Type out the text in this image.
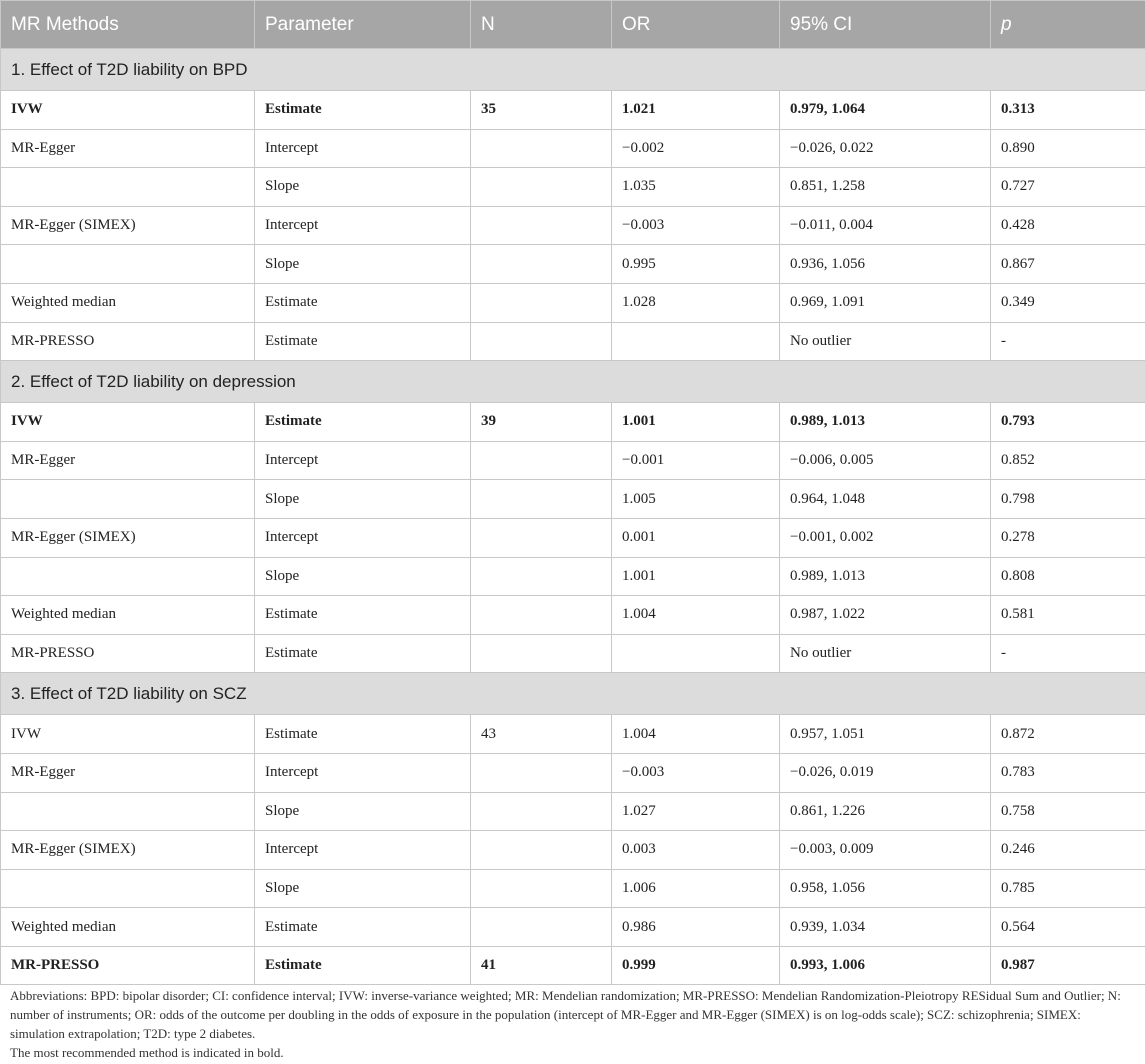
MR Methods	Parameter	N	OR	95% CI	p
1. Effect of T2D liability on BPD					
IVW	Estimate	35	1.021	0.979, 1.064	0.313
MR-Egger	Intercept		−0.002	−0.026, 0.022	0.890
	Slope		1.035	0.851, 1.258	0.727
MR-Egger (SIMEX)	Intercept		−0.003	−0.011, 0.004	0.428
	Slope		0.995	0.936, 1.056	0.867
Weighted median	Estimate		1.028	0.969, 1.091	0.349
MR-PRESSO	Estimate			No outlier	-
2. Effect of T2D liability on depression					
IVW	Estimate	39	1.001	0.989, 1.013	0.793
MR-Egger	Intercept		−0.001	−0.006, 0.005	0.852
	Slope		1.005	0.964, 1.048	0.798
MR-Egger (SIMEX)	Intercept		0.001	−0.001, 0.002	0.278
	Slope		1.001	0.989, 1.013	0.808
Weighted median	Estimate		1.004	0.987, 1.022	0.581
MR-PRESSO	Estimate			No outlier	-
3. Effect of T2D liability on SCZ					
IVW	Estimate	43	1.004	0.957, 1.051	0.872
MR-Egger	Intercept		−0.003	−0.026, 0.019	0.783
	Slope		1.027	0.861, 1.226	0.758
MR-Egger (SIMEX)	Intercept		0.003	−0.003, 0.009	0.246
	Slope		1.006	0.958, 1.056	0.785
Weighted median	Estimate		0.986	0.939, 1.034	0.564
MR-PRESSO	Estimate	41	0.999	0.993, 1.006	0.987

Abbreviations: BPD: bipolar disorder; CI: confidence interval; IVW: inverse-variance weighted; MR: Mendelian randomization; MR-PRESSO: Mendelian Randomization-Pleiotropy RESidual Sum and Outlier; N: number of instruments; OR: odds of the outcome per doubling in the odds of exposure in the population (intercept of MR-Egger and MR-Egger (SIMEX) is on log-odds scale); SCZ: schizophrenia; SIMEX: simulation extrapolation; T2D: type 2 diabetes.

The most recommended method is indicated in bold.
